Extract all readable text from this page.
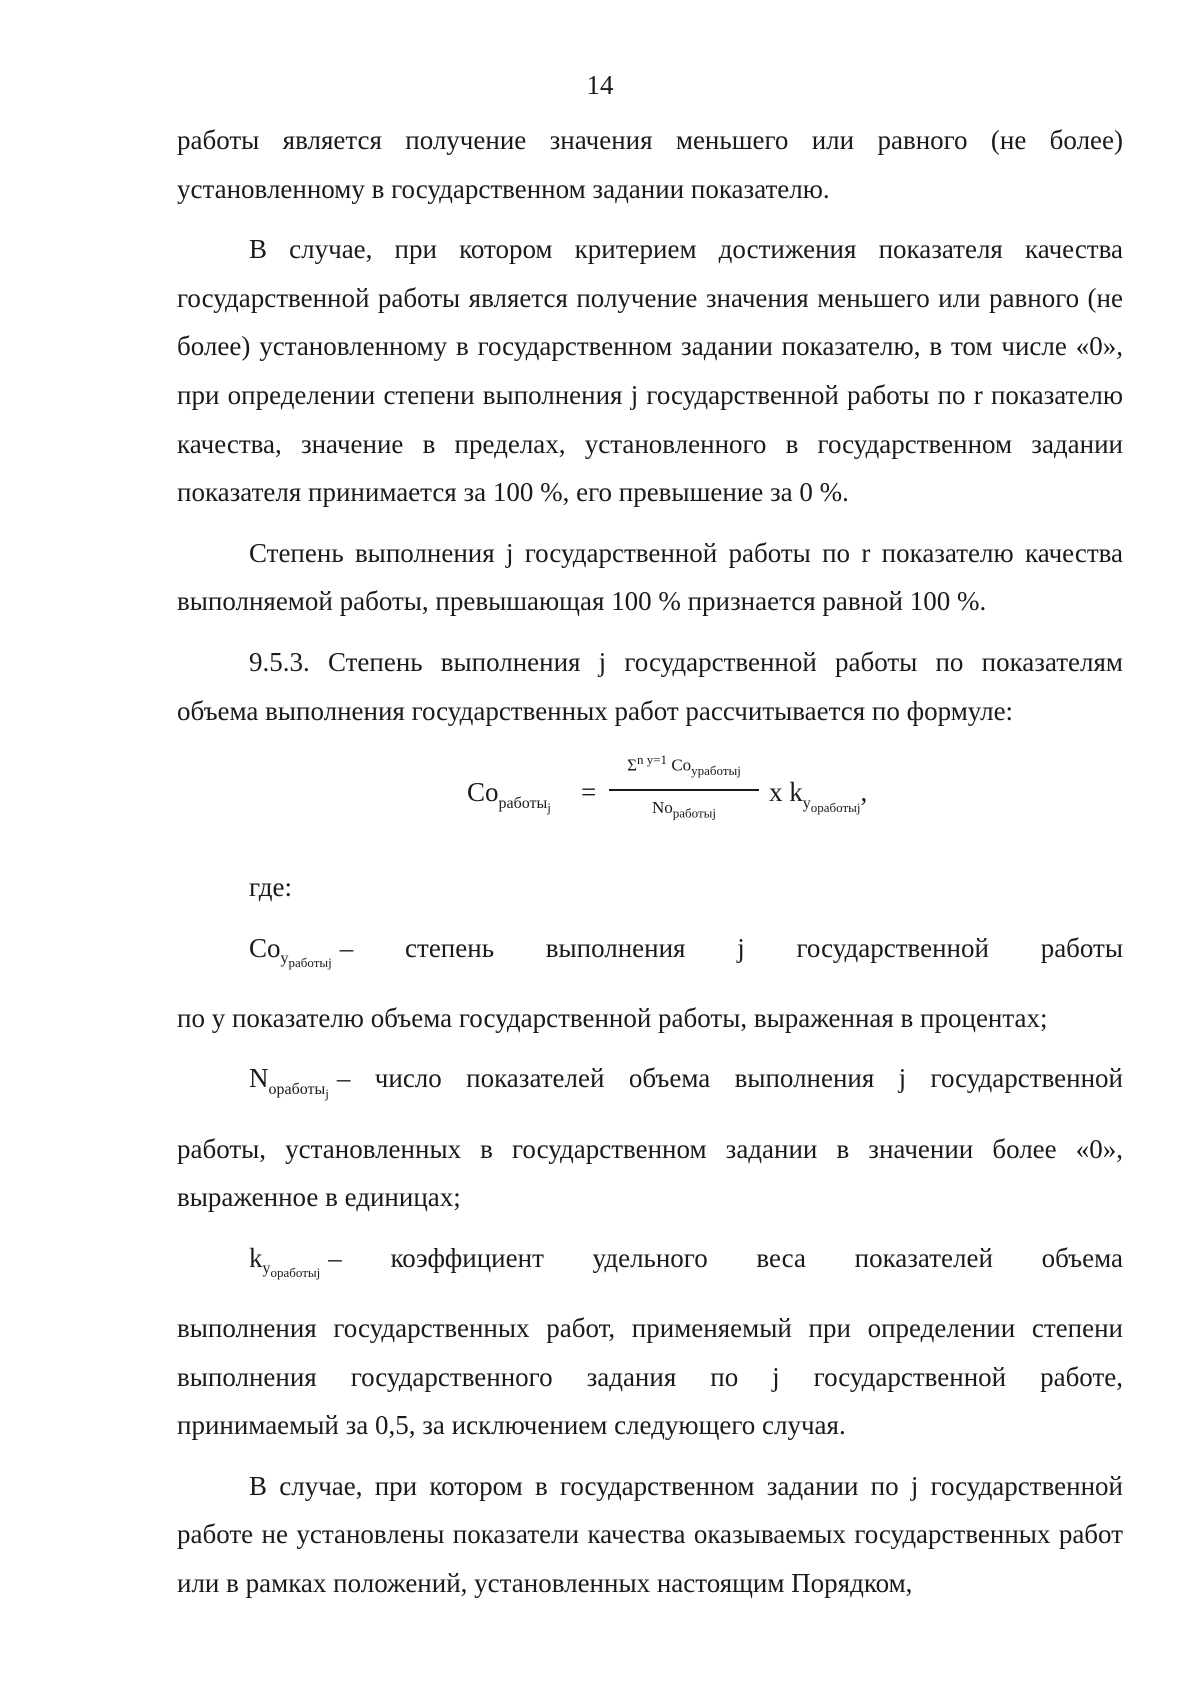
14

работы является получение значения меньшего или равного (не более) установленному в государственном задании показателю.

В случае, при котором критерием достижения показателя качества государственной работы является получение значения меньшего или равного (не более) установленному в государственном задании показателю, в том числе «0», при определении степени выполнения j государственной работы по r показателю качества, значение в пределах, установленного в государственном задании показателя принимается за 100 %, его превышение за 0 %.

Степень выполнения j государственной работы по r показателю качества выполняемой работы, превышающая 100 % признается равной 100 %.

9.5.3. Степень выполнения j государственной работы по показателям объема выполнения государственных работ рассчитывается по формуле:

$Co_{работы_j}$
=
$\Sigma^{n y=1}$ $Co_{yработыj}$
$No_{работыj}$
x $k_{y_{oработыj}}$,

где:

$Co_{y_{работыj}}$
– степень выполнения j государственной работы

по y показателю объема государственной работы, выраженная в процентах;

$N_{oработы_j}$
– число показателей объема выполнения j государственной

работы, установленных в государственном задании в значении более «0», выраженное в единицах;

$k_{y_{oработыj}}$
– коэффициент удельного веса показателей объема

выполнения государственных работ, применяемый при определении степени выполнения государственного задания по j государственной работе, принимаемый за 0,5, за исключением следующего случая.

В случае, при котором в государственном задании по j государственной работе не установлены показатели качества оказываемых государственных работ или в рамках положений, установленных настоящим Порядком,
